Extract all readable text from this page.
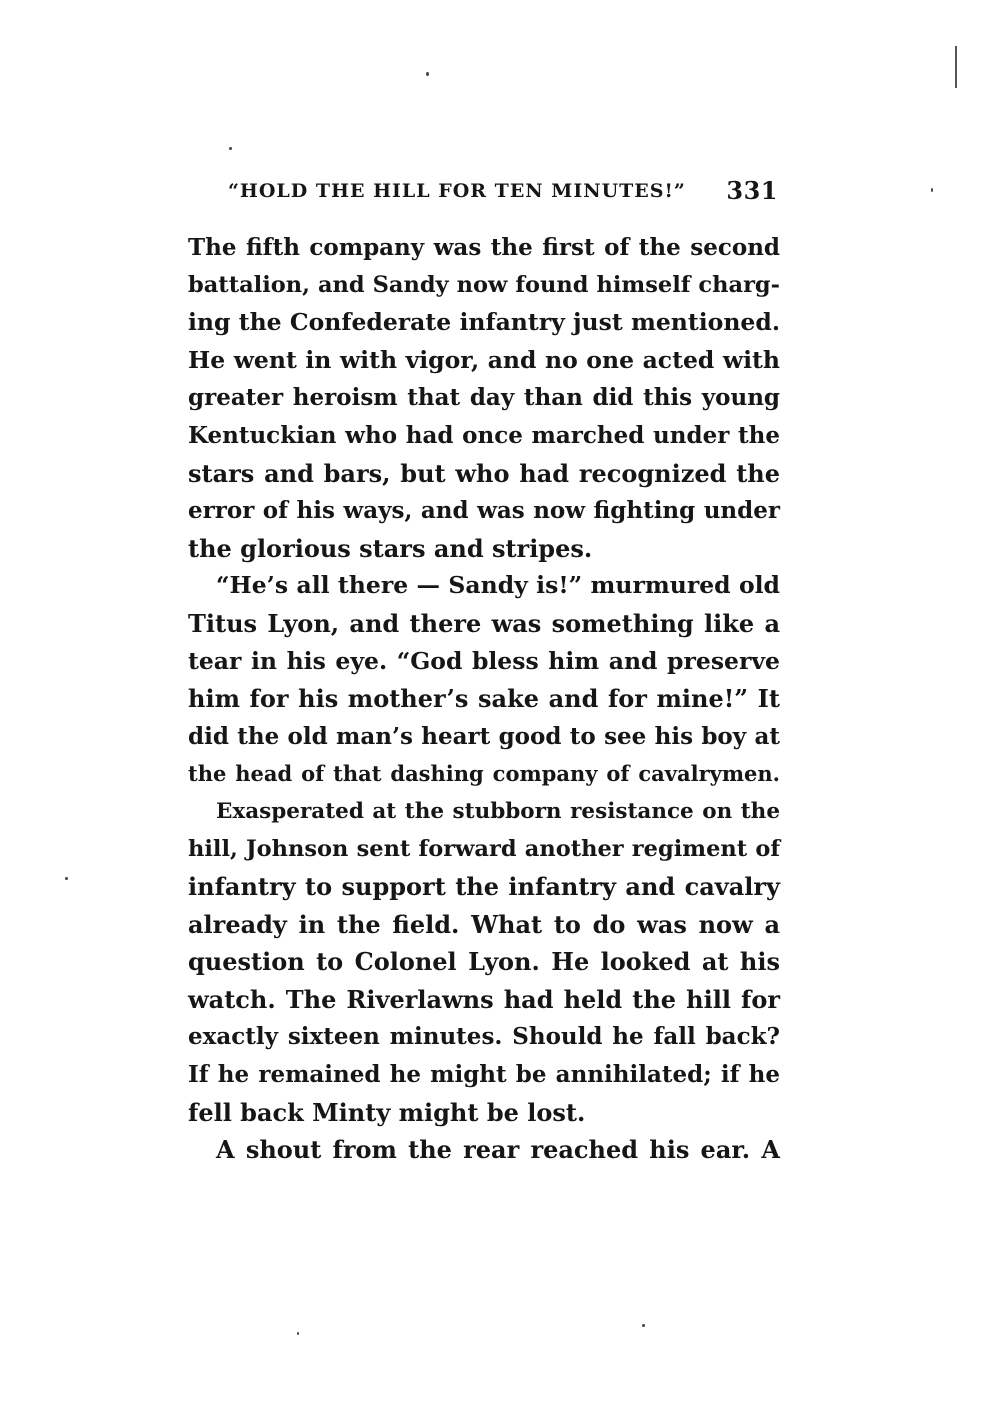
“HOLD THE HILL FOR TEN MINUTES!” 331
The fifth company was the first of the second
battalion, and Sandy now found himself charg-
ing the Confederate infantry just mentioned.
He went in with vigor, and no one acted with
greater heroism that day than did this young
Kentuckian who had once marched under the
stars and bars, but who had recognized the
error of his ways, and was now fighting under
the glorious stars and stripes.
“He’s all there — Sandy is!” murmured old
Titus Lyon, and there was something like a
tear in his eye. “God bless him and preserve
him for his mother’s sake and for mine!” It
did the old man’s heart good to see his boy at
the head of that dashing company of cavalrymen.
Exasperated at the stubborn resistance on the
hill, Johnson sent forward another regiment of
infantry to support the infantry and cavalry
already in the field. What to do was now a
question to Colonel Lyon. He looked at his
watch. The Riverlawns had held the hill for
exactly sixteen minutes. Should he fall back?
If he remained he might be annihilated; if he
fell back Minty might be lost.
A shout from the rear reached his ear. A
